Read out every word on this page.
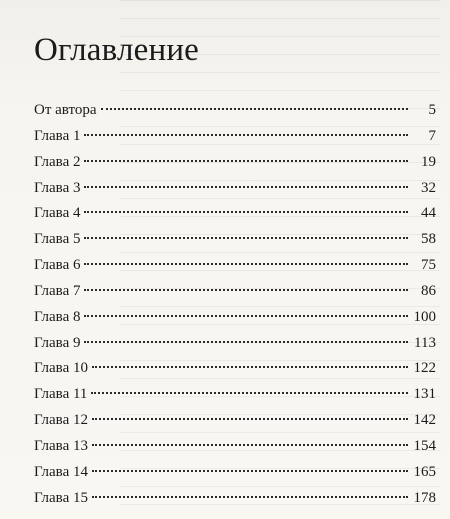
Оглавление
От автора	5
Глава 1	7
Глава 2	19
Глава 3	32
Глава 4	44
Глава 5	58
Глава 6	75
Глава 7	86
Глава 8	100
Глава 9	113
Глава 10	122
Глава 11	131
Глава 12	142
Глава 13	154
Глава 14	165
Глава 15	178
